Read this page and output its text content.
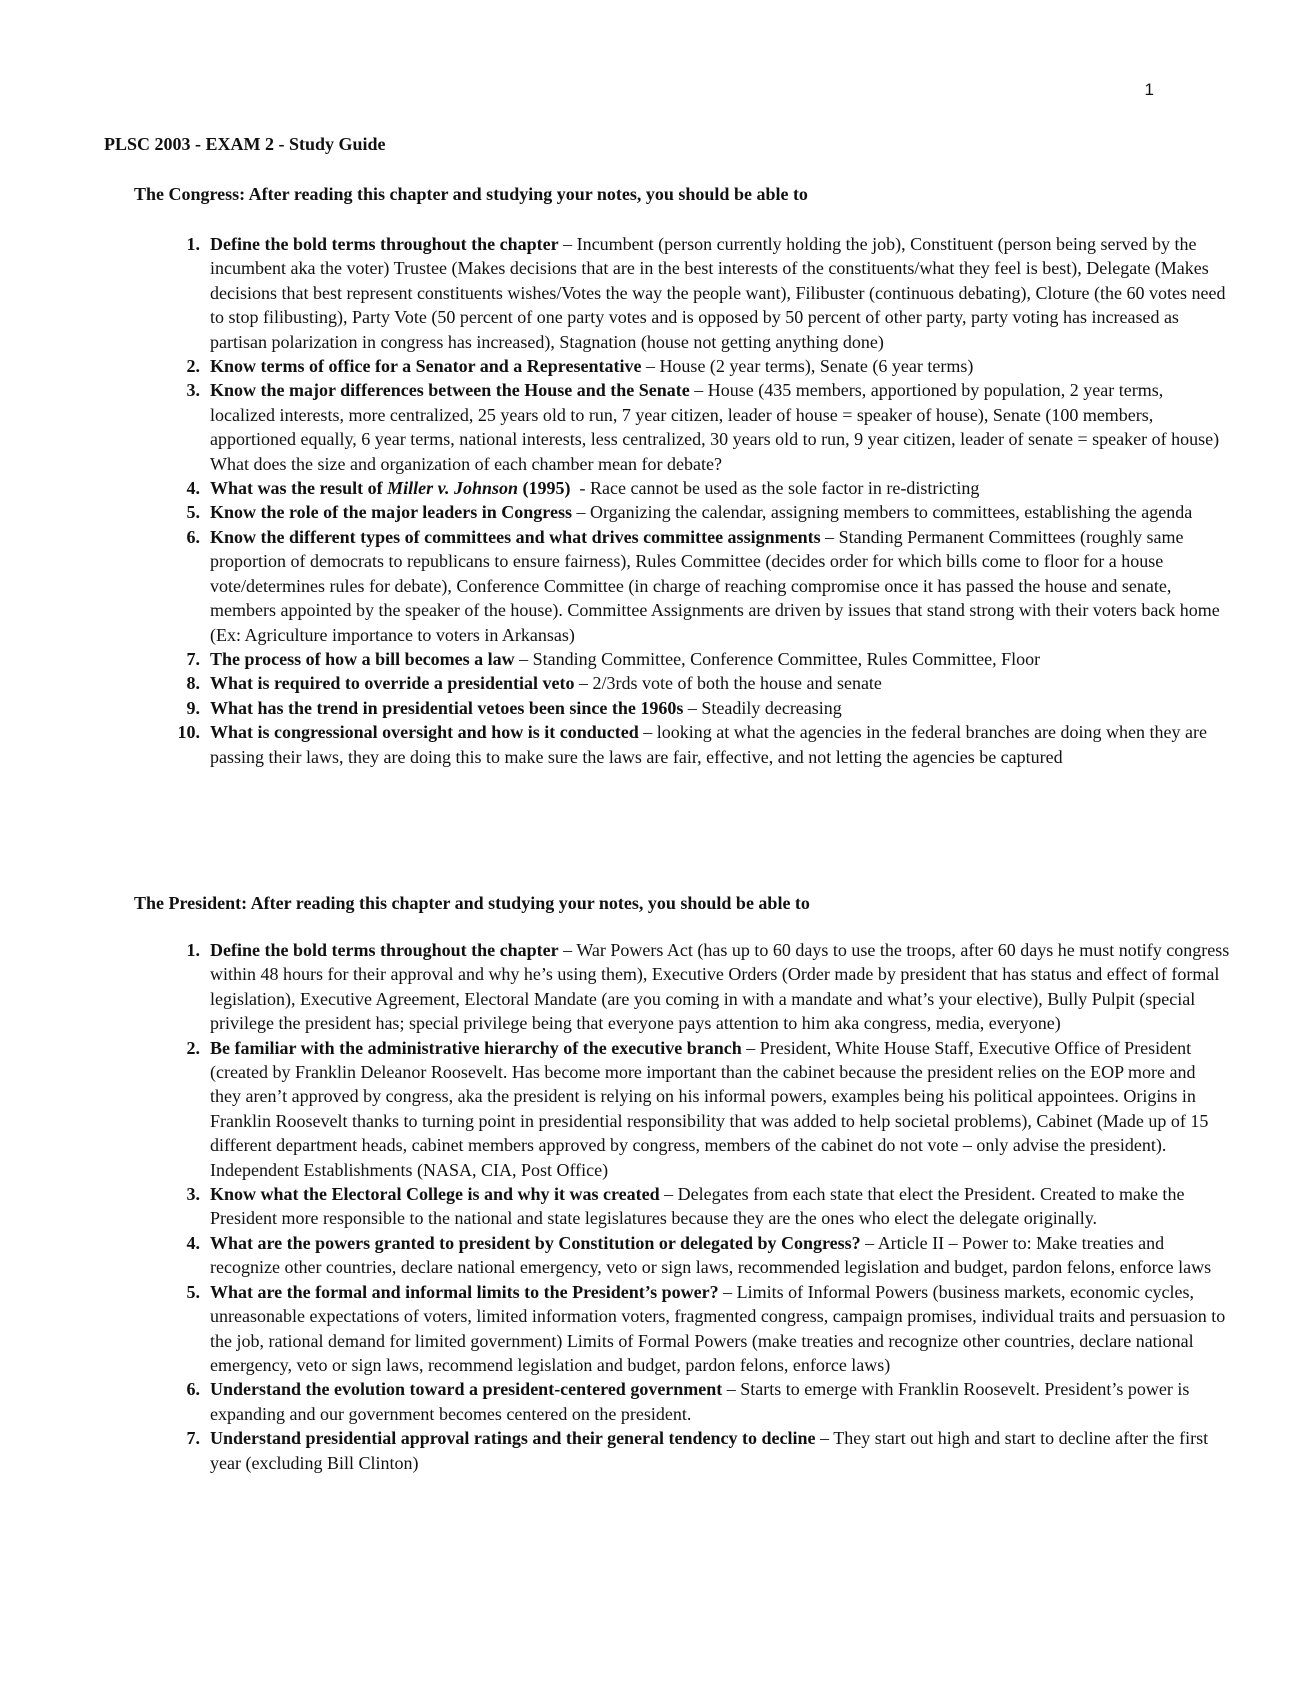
1
PLSC 2003 - EXAM 2 - Study Guide
The Congress: After reading this chapter and studying your notes, you should be able to
1. Define the bold terms throughout the chapter – Incumbent (person currently holding the job), Constituent (person being served by the incumbent aka the voter) Trustee (Makes decisions that are in the best interests of the constituents/what they feel is best), Delegate (Makes decisions that best represent constituents wishes/Votes the way the people want), Filibuster (continuous debating), Cloture (the 60 votes need to stop filibusting), Party Vote (50 percent of one party votes and is opposed by 50 percent of other party, party voting has increased as partisan polarization in congress has increased), Stagnation (house not getting anything done)
2. Know terms of office for a Senator and a Representative – House (2 year terms), Senate (6 year terms)
3. Know the major differences between the House and the Senate – House (435 members, apportioned by population, 2 year terms, localized interests, more centralized, 25 years old to run, 7 year citizen, leader of house = speaker of house), Senate (100 members, apportioned equally, 6 year terms, national interests, less centralized, 30 years old to run, 9 year citizen, leader of senate = speaker of house) What does the size and organization of each chamber mean for debate?
4. What was the result of Miller v. Johnson (1995)  - Race cannot be used as the sole factor in re-districting
5. Know the role of the major leaders in Congress – Organizing the calendar, assigning members to committees, establishing the agenda
6. Know the different types of committees and what drives committee assignments – Standing Permanent Committees (roughly same proportion of democrats to republicans to ensure fairness), Rules Committee (decides order for which bills come to floor for a house vote/determines rules for debate), Conference Committee (in charge of reaching compromise once it has passed the house and senate, members appointed by the speaker of the house). Committee Assignments are driven by issues that stand strong with their voters back home (Ex: Agriculture importance to voters in Arkansas)
7. The process of how a bill becomes a law – Standing Committee, Conference Committee, Rules Committee, Floor
8. What is required to override a presidential veto – 2/3rds vote of both the house and senate
9. What has the trend in presidential vetoes been since the 1960s – Steadily decreasing
10. What is congressional oversight and how is it conducted – looking at what the agencies in the federal branches are doing when they are passing their laws, they are doing this to make sure the laws are fair, effective, and not letting the agencies be captured
The President: After reading this chapter and studying your notes, you should be able to
1. Define the bold terms throughout the chapter – War Powers Act (has up to 60 days to use the troops, after 60 days he must notify congress within 48 hours for their approval and why he’s using them), Executive Orders (Order made by president that has status and effect of formal legislation), Executive Agreement, Electoral Mandate (are you coming in with a mandate and what’s your elective), Bully Pulpit (special privilege the president has; special privilege being that everyone pays attention to him aka congress, media, everyone)
2. Be familiar with the administrative hierarchy of the executive branch – President, White House Staff, Executive Office of President (created by Franklin Deleanor Roosevelt. Has become more important than the cabinet because the president relies on the EOP more and they aren’t approved by congress, aka the president is relying on his informal powers, examples being his political appointees. Origins in Franklin Roosevelt thanks to turning point in presidential responsibility that was added to help societal problems), Cabinet (Made up of 15 different department heads, cabinet members approved by congress, members of the cabinet do not vote – only advise the president). Independent Establishments (NASA, CIA, Post Office)
3. Know what the Electoral College is and why it was created – Delegates from each state that elect the President. Created to make the President more responsible to the national and state legislatures because they are the ones who elect the delegate originally.
4. What are the powers granted to president by Constitution or delegated by Congress? – Article II – Power to: Make treaties and recognize other countries, declare national emergency, veto or sign laws, recommended legislation and budget, pardon felons, enforce laws
5. What are the formal and informal limits to the President’s power? – Limits of Informal Powers (business markets, economic cycles, unreasonable expectations of voters, limited information voters, fragmented congress, campaign promises, individual traits and persuasion to the job, rational demand for limited government) Limits of Formal Powers (make treaties and recognize other countries, declare national emergency, veto or sign laws, recommend legislation and budget, pardon felons, enforce laws)
6. Understand the evolution toward a president-centered government – Starts to emerge with Franklin Roosevelt. President’s power is expanding and our government becomes centered on the president.
7. Understand presidential approval ratings and their general tendency to decline – They start out high and start to decline after the first year (excluding Bill Clinton)
